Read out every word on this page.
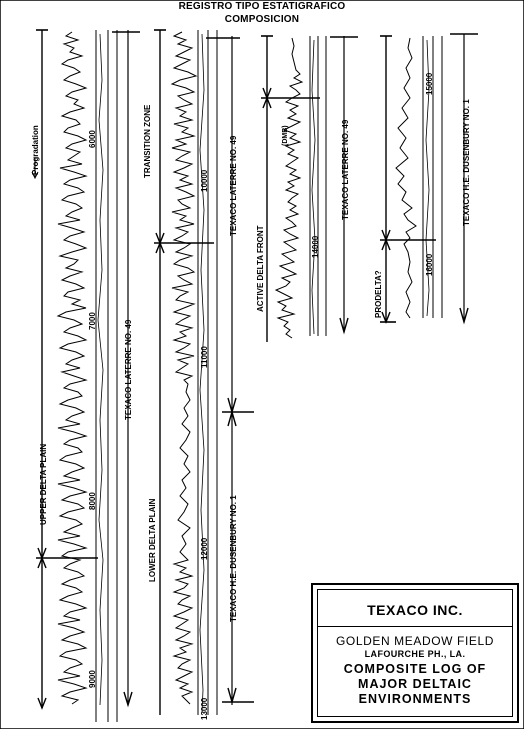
REGISTRO TIPO ESTATIGRAFICO
COMPOSICION
Progradation
UPPER DELTA PLAIN
6000
7000
8000
9000
TEXACO LATERRE NO. 49
TRANSITION ZONE
LOWER DELTA PLAIN
10000
11000
12000
13000
TEXACO LATERRE NO. 49
TEXACO H.E. DUSENBURY NO. 1
(DMB)
ACTIVE DELTA FRONT	14000
TEXACO LATERRE NO. 49
PRODELTA?
15000
16000
TEXACO H.E. DUSENBURY NO. 1
TEXACO INC.
GOLDEN MEADOW FIELD
LAFOURCHE PH., LA.
COMPOSITE LOG OF
MAJOR DELTAIC
ENVIRONMENTS
